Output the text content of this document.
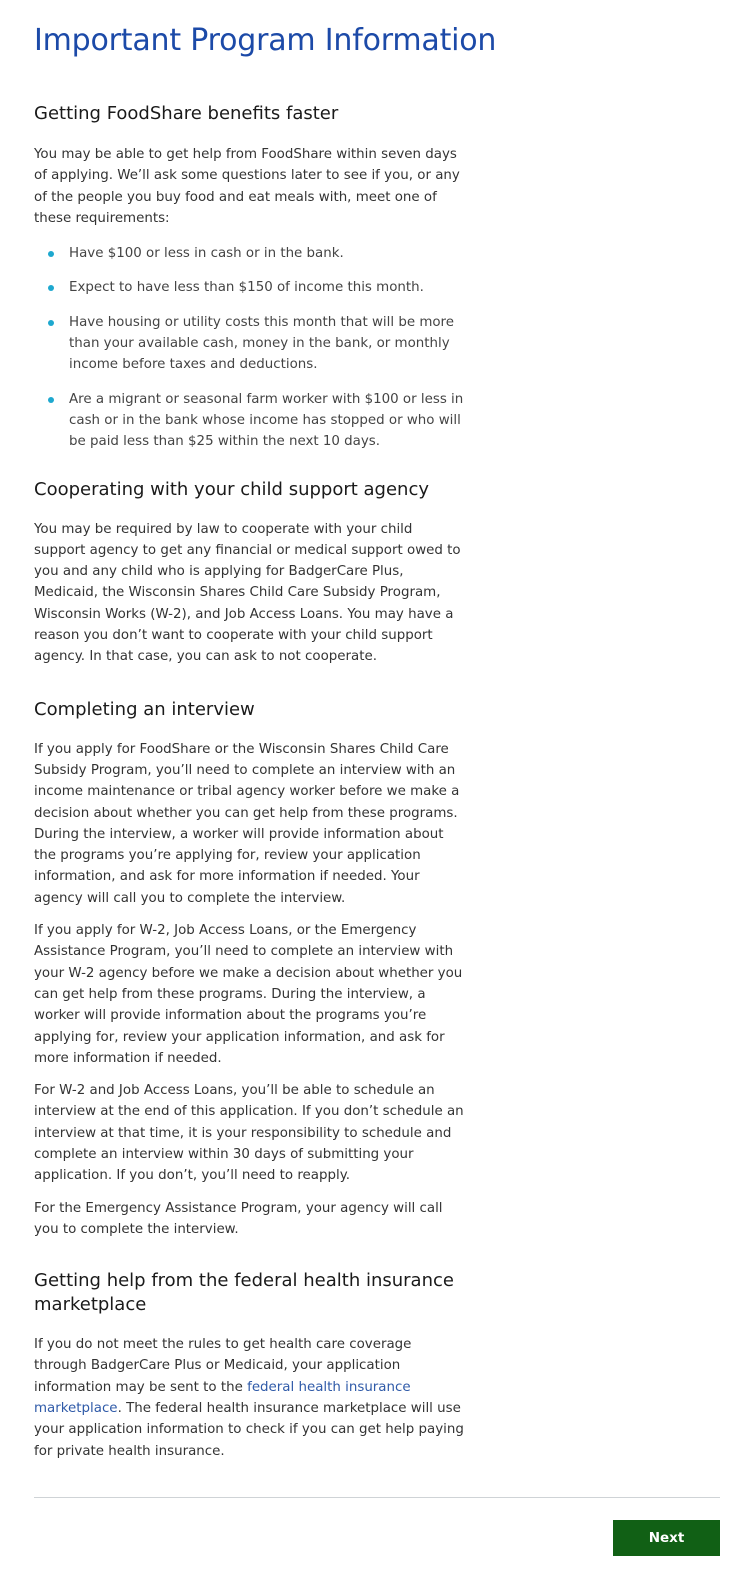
Important Program Information
Getting FoodShare benefits faster

You may be able to get help from FoodShare within seven days of applying. We’ll ask some questions later to see if you, or any of the people you buy food and eat meals with, meet one of these requirements:

Have $100 or less in cash or in the bank.
Expect to have less than $150 of income this month.
Have housing or utility costs this month that will be more than your available cash, money in the bank, or monthly income before taxes and deductions.
Are a migrant or seasonal farm worker with $100 or less in cash or in the bank whose income has stopped or who will be paid less than $25 within the next 10 days.
Cooperating with your child support agency

You may be required by law to cooperate with your child support agency to get any financial or medical support owed to you and any child who is applying for BadgerCare Plus, Medicaid, the Wisconsin Shares Child Care Subsidy Program, Wisconsin Works (W-2), and Job Access Loans. You may have a reason you don’t want to cooperate with your child support agency. In that case, you can ask to not cooperate.

Completing an interview

If you apply for FoodShare or the Wisconsin Shares Child Care Subsidy Program, you’ll need to complete an interview with an income maintenance or tribal agency worker before we make a decision about whether you can get help from these programs. During the interview, a worker will provide information about the programs you’re applying for, review your application information, and ask for more information if needed. Your agency will call you to complete the interview.

If you apply for W-2, Job Access Loans, or the Emergency Assistance Program, you’ll need to complete an interview with your W-2 agency before we make a decision about whether you can get help from these programs. During the interview, a worker will provide information about the programs you’re applying for, review your application information, and ask for more information if needed.

For W-2 and Job Access Loans, you’ll be able to schedule an interview at the end of this application. If you don’t schedule an interview at that time, it is your responsibility to schedule and complete an interview within 30 days of submitting your application. If you don’t, you’ll need to reapply.

For the Emergency Assistance Program, your agency will call you to complete the interview.

Getting help from the federal health insurance marketplace

If you do not meet the rules to get health care coverage through BadgerCare Plus or Medicaid, your application information may be sent to the federal health insurance marketplace. The federal health insurance marketplace will use your application information to check if you can get help paying for private health insurance.

Next
